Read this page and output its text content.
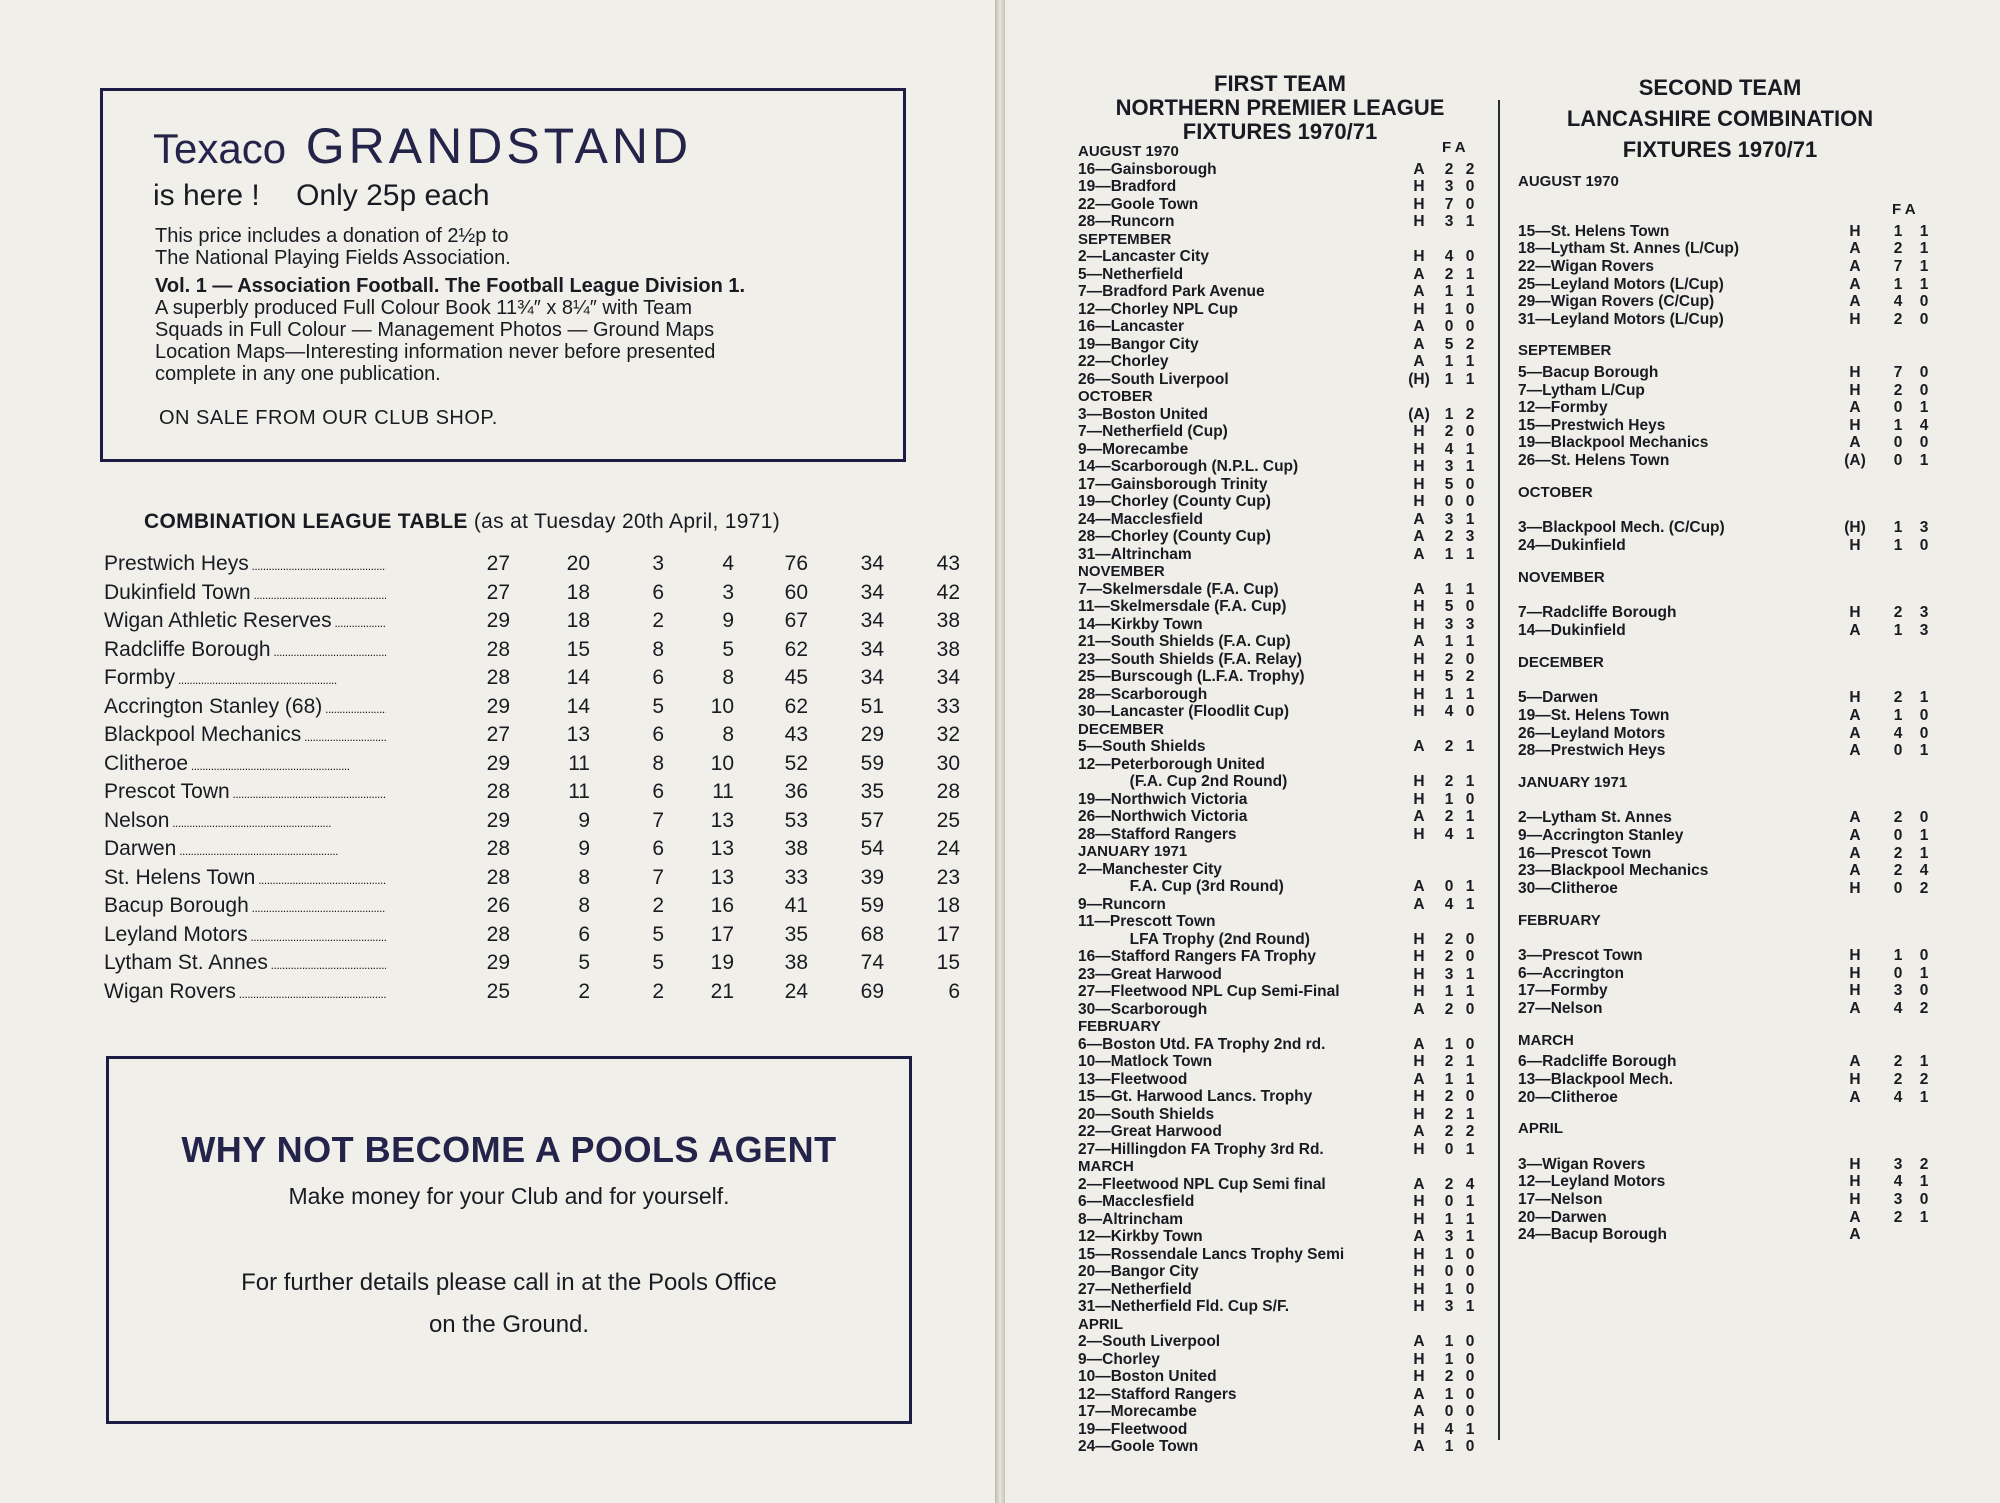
Texaco GRANDSTAND
is here ! Only 25p each
This price includes a donation of 2½p to
The National Playing Fields Association.
Vol. 1 — Association Football. The Football League Division 1.
A superbly produced Full Colour Book 11¾″ x 8¼″ with Team
Squads in Full Colour — Management Photos — Ground Maps
Location Maps—Interesting information never before presented
complete in any one publication.
ON SALE FROM OUR CLUB SHOP.
COMBINATION LEAGUE TABLE (as at Tuesday 20th April, 1971)
Prestwich Heys .....	27	20	3	4	76	34	43
Dukinfield Town .....	27	18	6	3	60	34	42
Wigan Athletic Reserves .....	29	18	2	9	67	34	38
Radcliffe Borough .....	28	15	8	5	62	34	38
Formby .....	28	14	6	8	45	34	34
Accrington Stanley (68) .....	29	14	5	10	62	51	33
Blackpool Mechanics .....	27	13	6	8	43	29	32
Clitheroe .....	29	11	8	10	52	59	30
Prescot Town .....	28	11	6	11	36	35	28
Nelson .....	29	9	7	13	53	57	25
Darwen .....	28	9	6	13	38	54	24
St. Helens Town .....	28	8	7	13	33	39	23
Bacup Borough .....	26	8	2	16	41	59	18
Leyland Motors .....	28	6	5	17	35	68	17
Lytham St. Annes .....	29	5	5	19	38	74	15
Wigan Rovers .....	25	2	2	21	24	69	6
WHY NOT BECOME A POOLS AGENT
Make money for your Club and for yourself.
For further details please call in at the Pools Office
on the Ground.
FIRST TEAM
NORTHERN PREMIER LEAGUE
FIXTURES 1970/71
SECOND TEAM
LANCASHIRE COMBINATION
FIXTURES 1970/71
F A
AUGUST 1970
16—Gainsborough	A	2 2
19—Bradford	H	3 0
22—Goole Town	H	7 0
28—Runcorn	H	3 1
SEPTEMBER
2—Lancaster City	H	4 0
5—Netherfield	A	2 1
7—Bradford Park Avenue	A	1 1
12—Chorley NPL Cup	H	1 0
16—Lancaster	A	0 0
19—Bangor City	A	5 2
22—Chorley	A	1 1
26—South Liverpool	(H) 1 1
OCTOBER
3—Boston United	(A) 1 2
7—Netherfield (Cup)	H	2 0
9—Morecambe	H	4 1
14—Scarborough (N.P.L. Cup)	H	3 1
17—Gainsborough Trinity	H	5 0
19—Chorley (County Cup)	H	0 0
24—Macclesfield	A	3 1
28—Chorley (County Cup)	A	2 3
31—Altrincham	A	1 1
NOVEMBER
7—Skelmersdale (F.A. Cup)	A	1 1
11—Skelmersdale (F.A. Cup)	H	5 0
14—Kirkby Town	H	3 3
21—South Shields (F.A. Cup)	A	1 1
23—South Shields (F.A. Relay)	H	2 0
25—Burscough (L.F.A. Trophy)	H	5 2
28—Scarborough	H	1 1
30—Lancaster (Floodlit Cup)	H	4 0
DECEMBER
5—South Shields	A	2 1
12—Peterborough United
(F.A. Cup 2nd Round)	H	2 1
19—Northwich Victoria	H	1 0
26—Northwich Victoria	A	2 1
28—Stafford Rangers	H	4 1
JANUARY 1971
2—Manchester City
F.A. Cup (3rd Round)	A	0 1
9—Runcorn	A	4 1
11—Prescott Town
LFA Trophy (2nd Round)	H	2 0
16—Stafford Rangers FA Trophy	H	2 0
23—Great Harwood	H	3 1
27—Fleetwood NPL Cup Semi-Final	H	1 1
30—Scarborough	A	2 0
FEBRUARY
6—Boston Utd. FA Trophy 2nd rd.	A	1 0
10—Matlock Town	H	2 1
13—Fleetwood	A	1 1
15—Gt. Harwood Lancs. Trophy	H	2 0
20—South Shields	H	2 1
22—Great Harwood	A	2 2
27—Hillingdon FA Trophy 3rd Rd.	H	0 1
MARCH
2—Fleetwood NPL Cup Semi final	A	2 4
6—Macclesfield	H	0 1
8—Altrincham	H	1 1
12—Kirkby Town	A	3 1
15—Rossendale Lancs Trophy Semi	H	1 0
20—Bangor City	H	0 0
27—Netherfield	H	1 0
31—Netherfield Fld. Cup S/F.	H	3 1
APRIL
2—South Liverpool	A	1 0
9—Chorley	H	1 0
10—Boston United	H	2 0
12—Stafford Rangers	A	1 0
17—Morecambe	A	0 0
19—Fleetwood	H	4 1
24—Goole Town	A	1 0
F A
AUGUST 1970
15—St. Helens Town	H	1 1
18—Lytham St. Annes (L/Cup)	A	2 1
22—Wigan Rovers	A	7 1
25—Leyland Motors (L/Cup)	A	1 1
29—Wigan Rovers (C/Cup)	A	4 0
31—Leyland Motors (L/Cup)	H	2 0
SEPTEMBER
5—Bacup Borough	H	7 0
7—Lytham L/Cup	H	2 0
12—Formby	A	0 1
15—Prestwich Heys	H	1 4
19—Blackpool Mechanics	A	0 0
26—St. Helens Town	(A) 0 1
OCTOBER
3—Blackpool Mech. (C/Cup)	(H) 1 3
24—Dukinfield	H	1 0
NOVEMBER
7—Radcliffe Borough	H	2 3
14—Dukinfield	A	1 3
DECEMBER
5—Darwen	H	2 1
19—St. Helens Town	A	1 0
26—Leyland Motors	A	4 0
28—Prestwich Heys	A	0 1
JANUARY 1971
2—Lytham St. Annes	A	2 0
9—Accrington Stanley	A	0 1
16—Prescot Town	A	2 1
23—Blackpool Mechanics	A	2 4
30—Clitheroe	H	0 2
FEBRUARY
3—Prescot Town	H	1 0
6—Accrington	H	0 1
17—Formby	H	3 0
27—Nelson	A	4 2
MARCH
6—Radcliffe Borough	A	2 1
13—Blackpool Mech.	H	2 2
20—Clitheroe	A	4 1
APRIL
3—Wigan Rovers	H	3 2
12—Leyland Motors	H	4 1
17—Nelson	H	3 0
20—Darwen	A	2 1
24—Bacup Borough	A
